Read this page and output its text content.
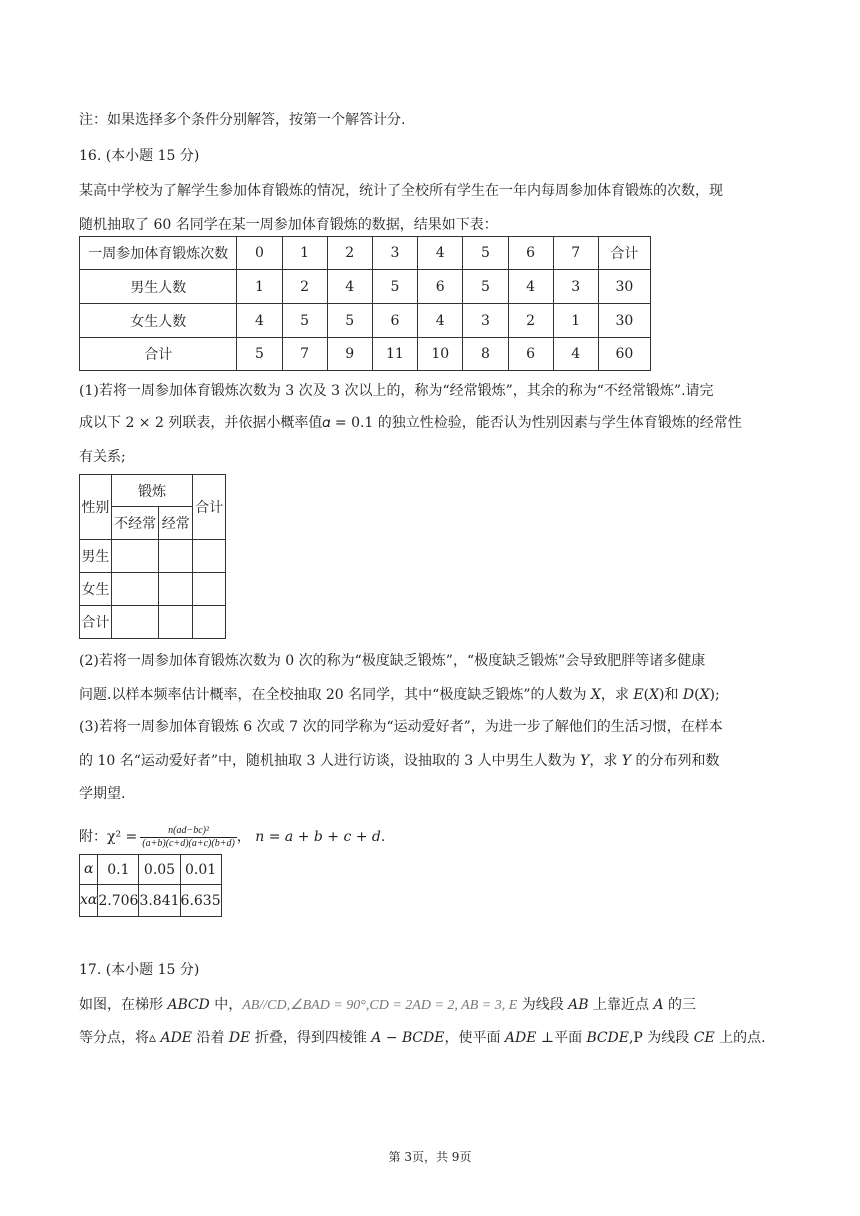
注：如果选择多个条件分别解答，按第一个解答计分.
16. (本小题 15 分)
某高中学校为了解学生参加体育锻炼的情况，统计了全校所有学生在一年内每周参加体育锻炼的次数，现
随机抽取了 60 名同学在某一周参加体育锻炼的数据，结果如下表：
一周参加体育锻炼次数	0	1	2	3	4	5	6	7	合计
男生人数	1	2	4	5	6	5	4	3	30
女生人数	4	5	5	6	4	3	2	1	30
合计	5	7	9	11	10	8	6	4	60
(1)若将一周参加体育锻炼次数为 3 次及 3 次以上的，称为“经常锻炼”，其余的称为“不经常锻炼”.请完
成以下 2 × 2 列联表，并依据小概率值𝛼 = 0.1 的独立性检验，能否认为性别因素与学生体育锻炼的经常性
有关系;
性别	锻炼		合计
	不经常	经常	
男生			
女生			
合计			
(2)若将一周参加体育锻炼次数为 0 次的称为“极度缺乏锻炼”，“极度缺乏锻炼”会导致肥胖等诸多健康
问题.以样本频率估计概率，在全校抽取 20 名同学，其中“极度缺乏锻炼”的人数为 𝑋，求 𝐸(𝑋)和 𝐷(𝑋);
(3)若将一周参加体育锻炼 6 次或 7 次的同学称为“运动爱好者”，为进一步了解他们的生活习惯，在样本
的 10 名“运动爱好者”中，随机抽取 3 人进行访谈，设抽取的 3 人中男生人数为 𝑌，求 𝑌 的分布列和数
学期望.
附：$\chi^2 = \frac{\text{n(ad−bc)²}}{(a+b)(c+d)(a+c)(b+d)}$ ， 𝑛 = 𝑎 + 𝑏 + 𝑐 + 𝑑.
𝛼	0.1	0.05	0.01
𝑥𝛼	2.706	3.841	6.635
17. (本小题 15 分)
如图，在梯形 𝐴𝐵𝐶𝐷 中，AB//CD,∠BAD = 90°,CD = 2AD = 2, AB = 3, E 为线段 𝐴𝐵 上靠近点 𝐴 的三
等分点，将▵ 𝐴𝐷𝐸 沿着 𝐷𝐸 折叠，得到四棱锥 𝐴 − 𝐵𝐶𝐷𝐸，使平面 𝐴𝐷𝐸 ⊥平面 𝐵𝐶𝐷𝐸,P 为线段 𝐶𝐸 上的点.
第 3页，共 9页
